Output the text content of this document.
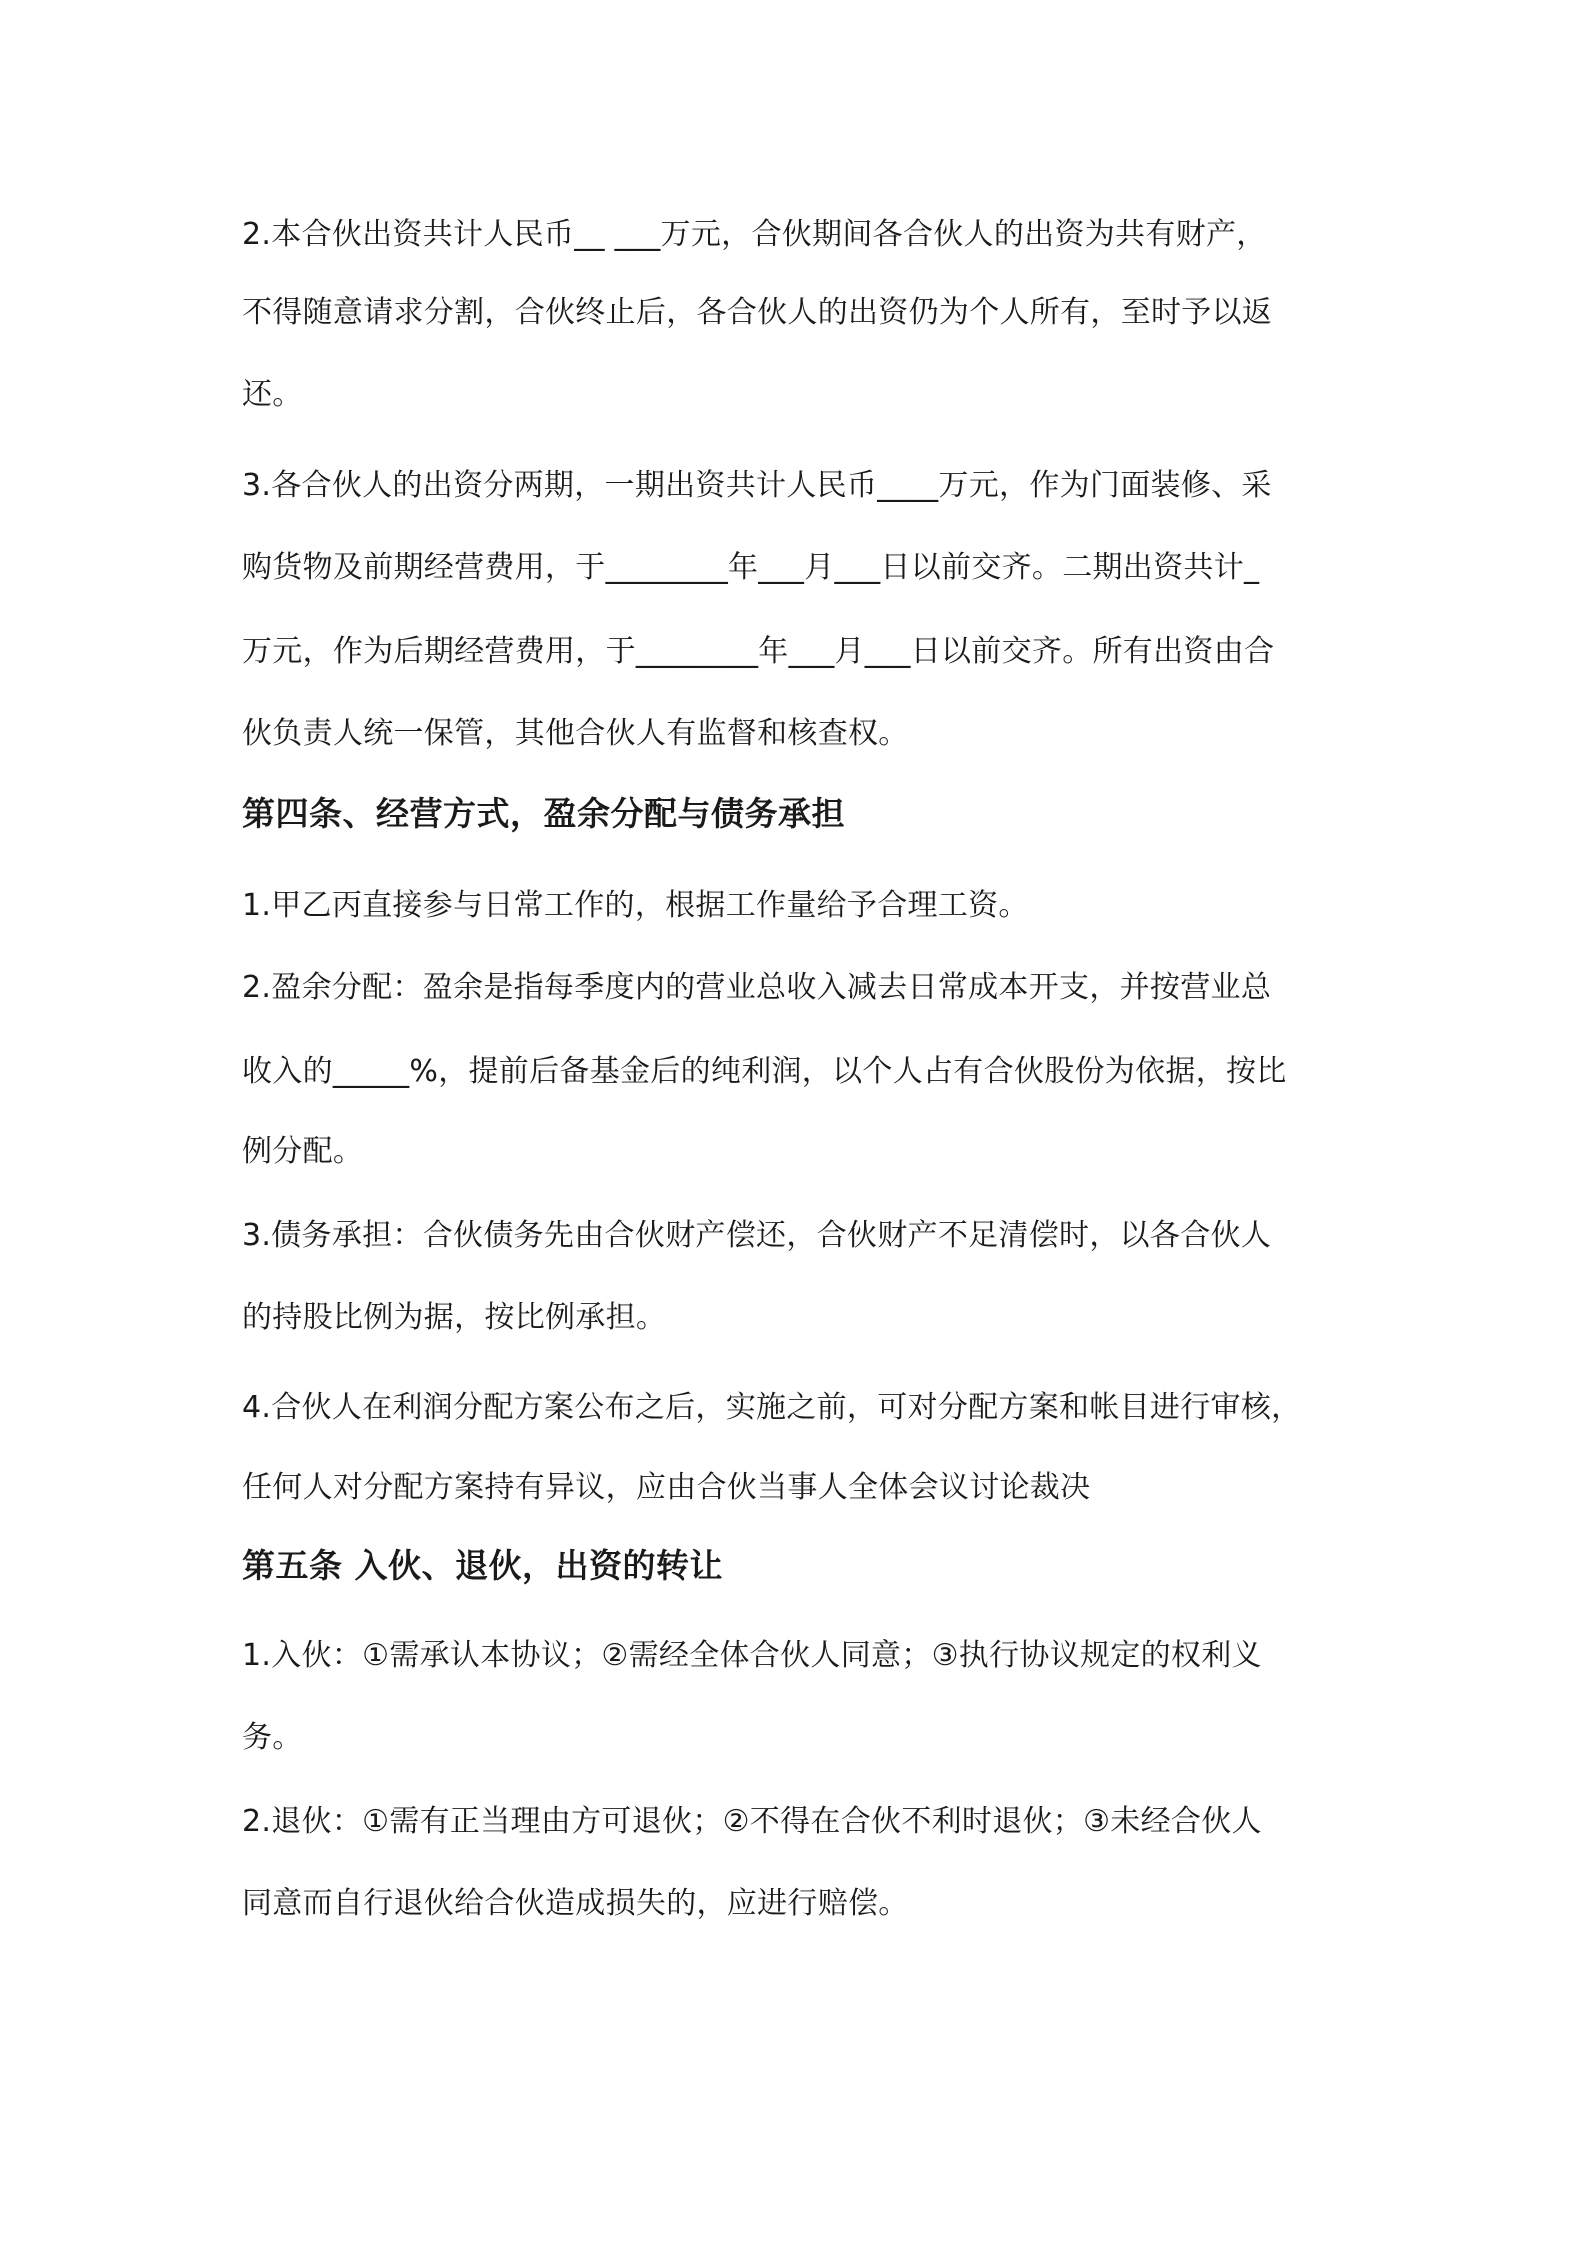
2.本合伙出资共计人民币__ ___万元，合伙期间各合伙人的出资为共有财产，

不得随意请求分割，合伙终止后，各合伙人的出资仍为个人所有，至时予以返

还。

3.各合伙人的出资分两期，一期出资共计人民币____万元，作为门面装修、采

购货物及前期经营费用，于________年___月___日以前交齐。二期出资共计_

万元，作为后期经营费用，于________年___月___日以前交齐。所有出资由合

伙负责人统一保管，其他合伙人有监督和核查权。

第四条、经营方式，盈余分配与债务承担

1.甲乙丙直接参与日常工作的，根据工作量给予合理工资。

2.盈余分配：盈余是指每季度内的营业总收入减去日常成本开支，并按营业总

收入的_____%，提前后备基金后的纯利润，以个人占有合伙股份为依据，按比

例分配。

3.债务承担：合伙债务先由合伙财产偿还，合伙财产不足清偿时，以各合伙人

的持股比例为据，按比例承担。

4.合伙人在利润分配方案公布之后，实施之前，可对分配方案和帐目进行审核，

任何人对分配方案持有异议，应由合伙当事人全体会议讨论裁决

第五条 入伙、退伙，出资的转让

1.入伙：①需承认本协议；②需经全体合伙人同意；③执行协议规定的权利义

务。

2.退伙：①需有正当理由方可退伙；②不得在合伙不利时退伙；③未经合伙人

同意而自行退伙给合伙造成损失的，应进行赔偿。
